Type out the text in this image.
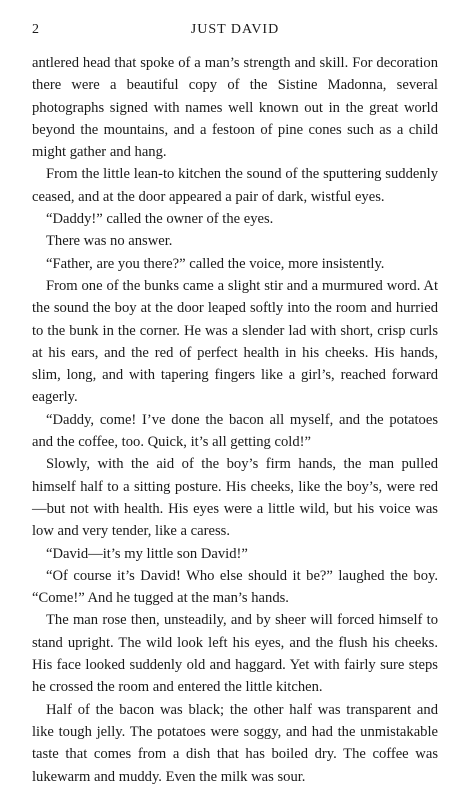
2	JUST DAVID

antlered head that spoke of a man’s strength and skill. For decoration there were a beautiful copy of the Sistine Madonna, several photographs signed with names well known out in the great world beyond the mountains, and a festoon of pine cones such as a child might gather and hang.

From the little lean-to kitchen the sound of the sputtering suddenly ceased, and at the door appeared a pair of dark, wistful eyes.

“Daddy!” called the owner of the eyes.

There was no answer.

“Father, are you there?” called the voice, more insistently.

From one of the bunks came a slight stir and a murmured word. At the sound the boy at the door leaped softly into the room and hurried to the bunk in the corner. He was a slender lad with short, crisp curls at his ears, and the red of perfect health in his cheeks. His hands, slim, long, and with tapering fingers like a girl’s, reached forward eagerly.

“Daddy, come! I’ve done the bacon all myself, and the potatoes and the coffee, too. Quick, it’s all getting cold!”

Slowly, with the aid of the boy’s firm hands, the man pulled himself half to a sitting posture. His cheeks, like the boy’s, were red—but not with health. His eyes were a little wild, but his voice was low and very tender, like a caress.

“David—it’s my little son David!”

“Of course it’s David! Who else should it be?” laughed the boy. “Come!” And he tugged at the man’s hands.

The man rose then, unsteadily, and by sheer will forced himself to stand upright. The wild look left his eyes, and the flush his cheeks. His face looked suddenly old and haggard. Yet with fairly sure steps he crossed the room and entered the little kitchen.

Half of the bacon was black; the other half was transparent and like tough jelly. The potatoes were soggy, and had the unmistakable taste that comes from a dish that has boiled dry. The coffee was lukewarm and muddy. Even the milk was sour.
